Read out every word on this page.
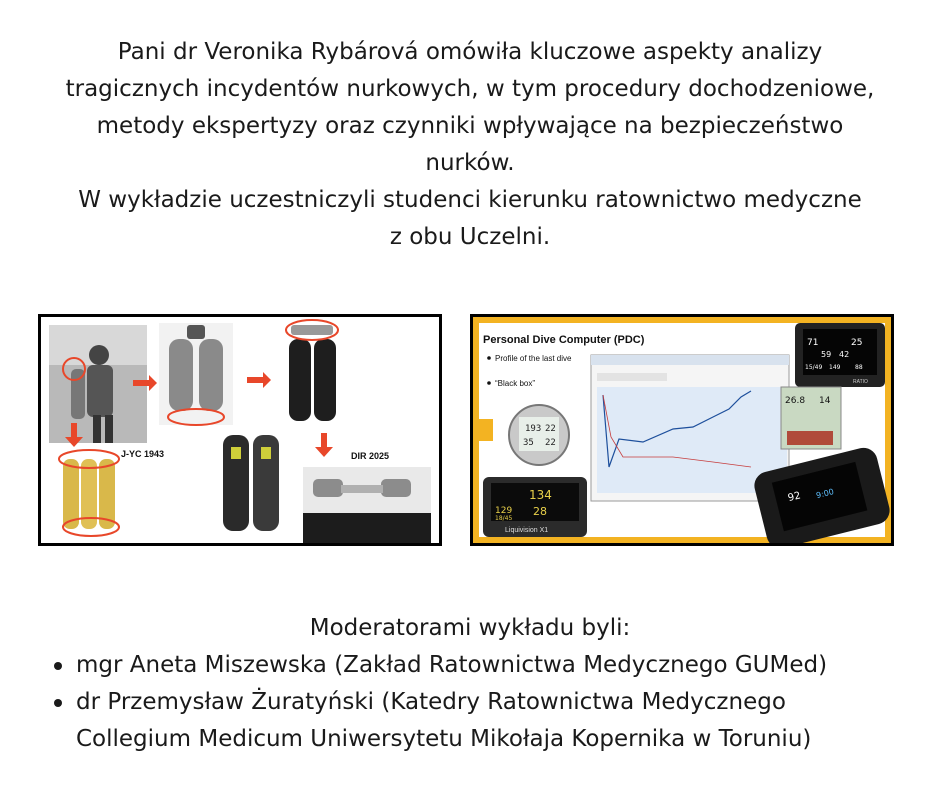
Pani dr Veronika Rybárová omówiła kluczowe aspekty analizy

tragicznych incydentów nurkowych, w tym procedury dochodzeniowe,

metody ekspertyzy oraz czynniki wpływające na bezpieczeństwo

nurków.

W wykładzie uczestniczyli studenci kierunku ratownictwo medyczne

z obu Uczelni.

J-YC 1943	DIR 2025
Personal Dive Computer (PDC)
Profile of the last dive
“Black box”
193
35
22
22
134
129 28
18/45
Liquivision X1
71	25
59 42
15/49 149 88
RATIO
26.8 14
92 9:00

Moderatorami wykładu byli:

mgr Aneta Miszewska (Zakład Ratownictwa Medycznego GUMed)
dr Przemysław Żuratyński (Katedry Ratownictwa Medycznego Collegium Medicum Uniwersytetu Mikołaja Kopernika w Toruniu)
